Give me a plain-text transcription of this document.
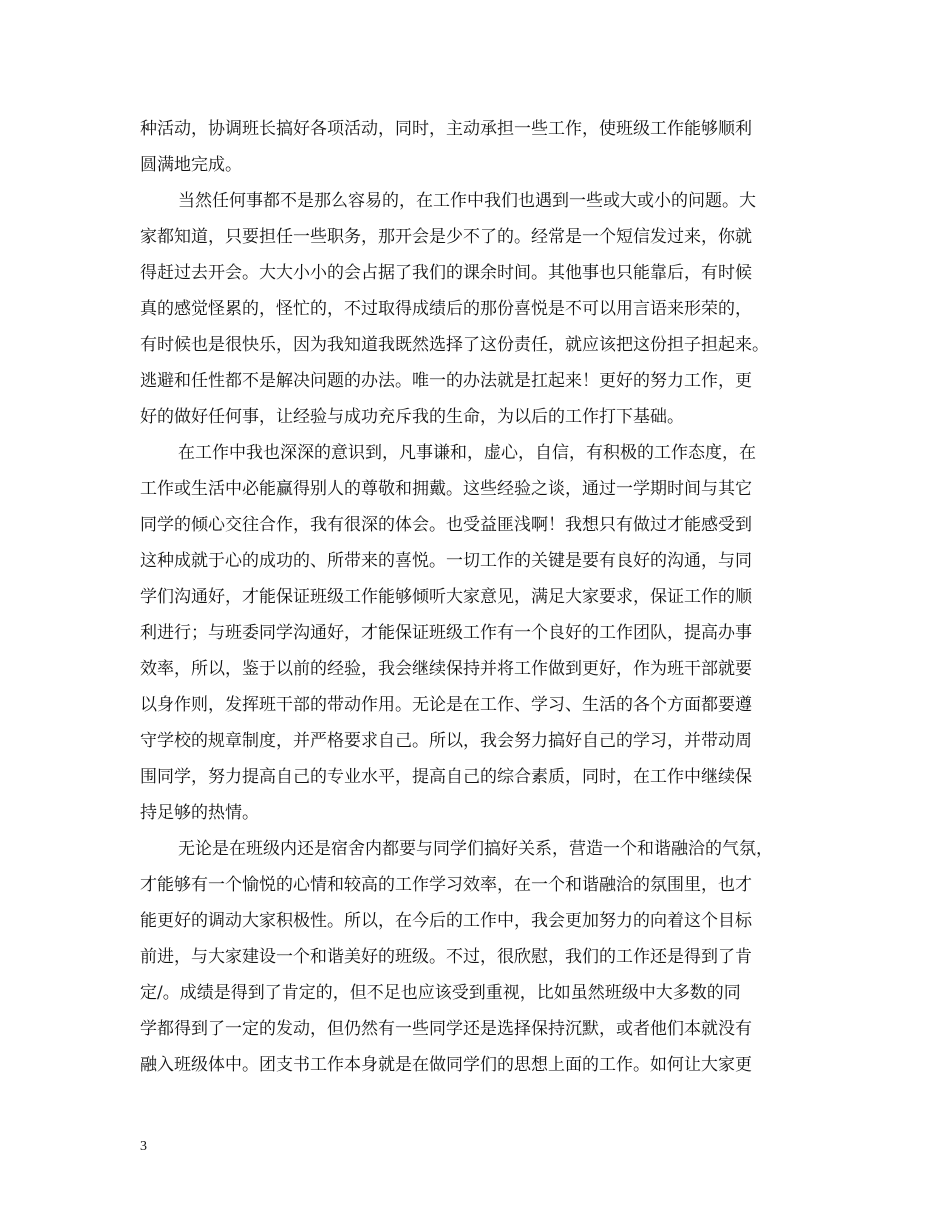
种活动，协调班长搞好各项活动，同时，主动承担一些工作，使班级工作能够顺利
圆满地完成。
当然任何事都不是那么容易的，在工作中我们也遇到一些或大或小的问题。大
家都知道，只要担任一些职务，那开会是少不了的。经常是一个短信发过来，你就
得赶过去开会。大大小小的会占据了我们的课余时间。其他事也只能靠后，有时候
真的感觉怪累的，怪忙的，不过取得成绩后的那份喜悦是不可以用言语来形荣的，
有时候也是很快乐，因为我知道我既然选择了这份责任，就应该把这份担子担起来。
逃避和任性都不是解决问题的办法。唯一的办法就是扛起来！更好的努力工作，更
好的做好任何事，让经验与成功充斥我的生命，为以后的工作打下基础。
在工作中我也深深的意识到，凡事谦和，虚心，自信，有积极的工作态度，在
工作或生活中必能赢得别人的尊敬和拥戴。这些经验之谈，通过一学期时间与其它
同学的倾心交往合作，我有很深的体会。也受益匪浅啊！我想只有做过才能感受到
这种成就于心的成功的、所带来的喜悦。一切工作的关键是要有良好的沟通，与同
学们沟通好，才能保证班级工作能够倾听大家意见，满足大家要求，保证工作的顺
利进行；与班委同学沟通好，才能保证班级工作有一个良好的工作团队，提高办事
效率，所以，鉴于以前的经验，我会继续保持并将工作做到更好，作为班干部就要
以身作则，发挥班干部的带动作用。无论是在工作、学习、生活的各个方面都要遵
守学校的规章制度，并严格要求自己。所以，我会努力搞好自己的学习，并带动周
围同学，努力提高自己的专业水平，提高自己的综合素质，同时，在工作中继续保
持足够的热情。
无论是在班级内还是宿舍内都要与同学们搞好关系，营造一个和谐融洽的气氛，
才能够有一个愉悦的心情和较高的工作学习效率，在一个和谐融洽的氛围里，也才
能更好的调动大家积极性。所以，在今后的工作中，我会更加努力的向着这个目标
前进，与大家建设一个和谐美好的班级。不过，很欣慰，我们的工作还是得到了肯
定/。成绩是得到了肯定的，但不足也应该受到重视，比如虽然班级中大多数的同
学都得到了一定的发动，但仍然有一些同学还是选择保持沉默，或者他们本就没有
融入班级体中。团支书工作本身就是在做同学们的思想上面的工作。如何让大家更
3
